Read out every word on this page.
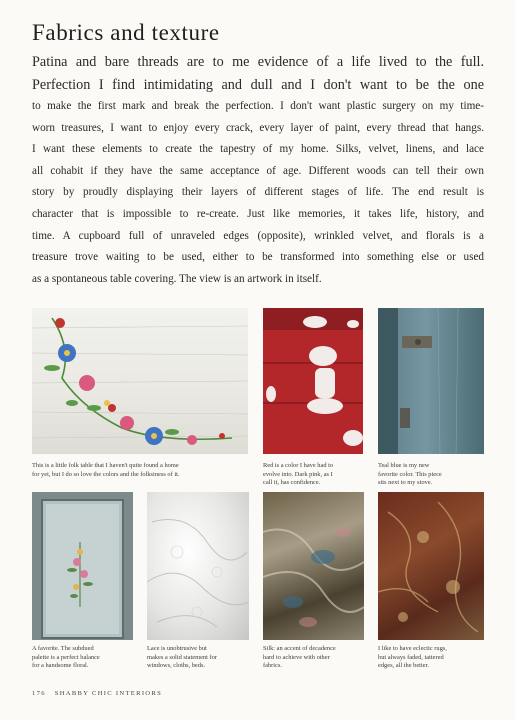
Fabrics and texture

Patina and bare threads are to me evidence of a life lived to the full.

Perfection I find intimidating and dull and I don't want to be the one

to make the first mark and break the perfection. I don't want plastic surgery on my time-

worn treasures, I want to enjoy every crack, every layer of paint, every thread that hangs.

I want these elements to create the tapestry of my home. Silks, velvet, linens, and lace

all cohabit if they have the same acceptance of age. Different woods can tell their own

story by proudly displaying their layers of different stages of life. The end result is

character that is impossible to re-create. Just like memories, it takes life, history, and

time. A cupboard full of unraveled edges (opposite), wrinkled velvet, and florals is a

treasure trove waiting to be used, either to be transformed into something else or used

as a spontaneous table covering. The view is an artwork in itself.

This is a little folk table that I haven't quite found a home
for yet, but I do so love the colors and the folksiness of it.
Red is a color I have had to
evolve into. Dark pink, as I
call it, has confidence.
Teal blue is my new
favorite color. This piece
sits next to my stove.
A favorite. The subdued
palette is a perfect balance
for a handsome floral.
Lace is unobtrusive but
makes a solid statement for
windows, cloths, beds.
Silk: an accent of decadence
hard to achieve with other
fabrics.
I like to have eclectic rugs,
but always faded, tattered
edges, all the better.
176 SHABBY CHIC INTERIORS
